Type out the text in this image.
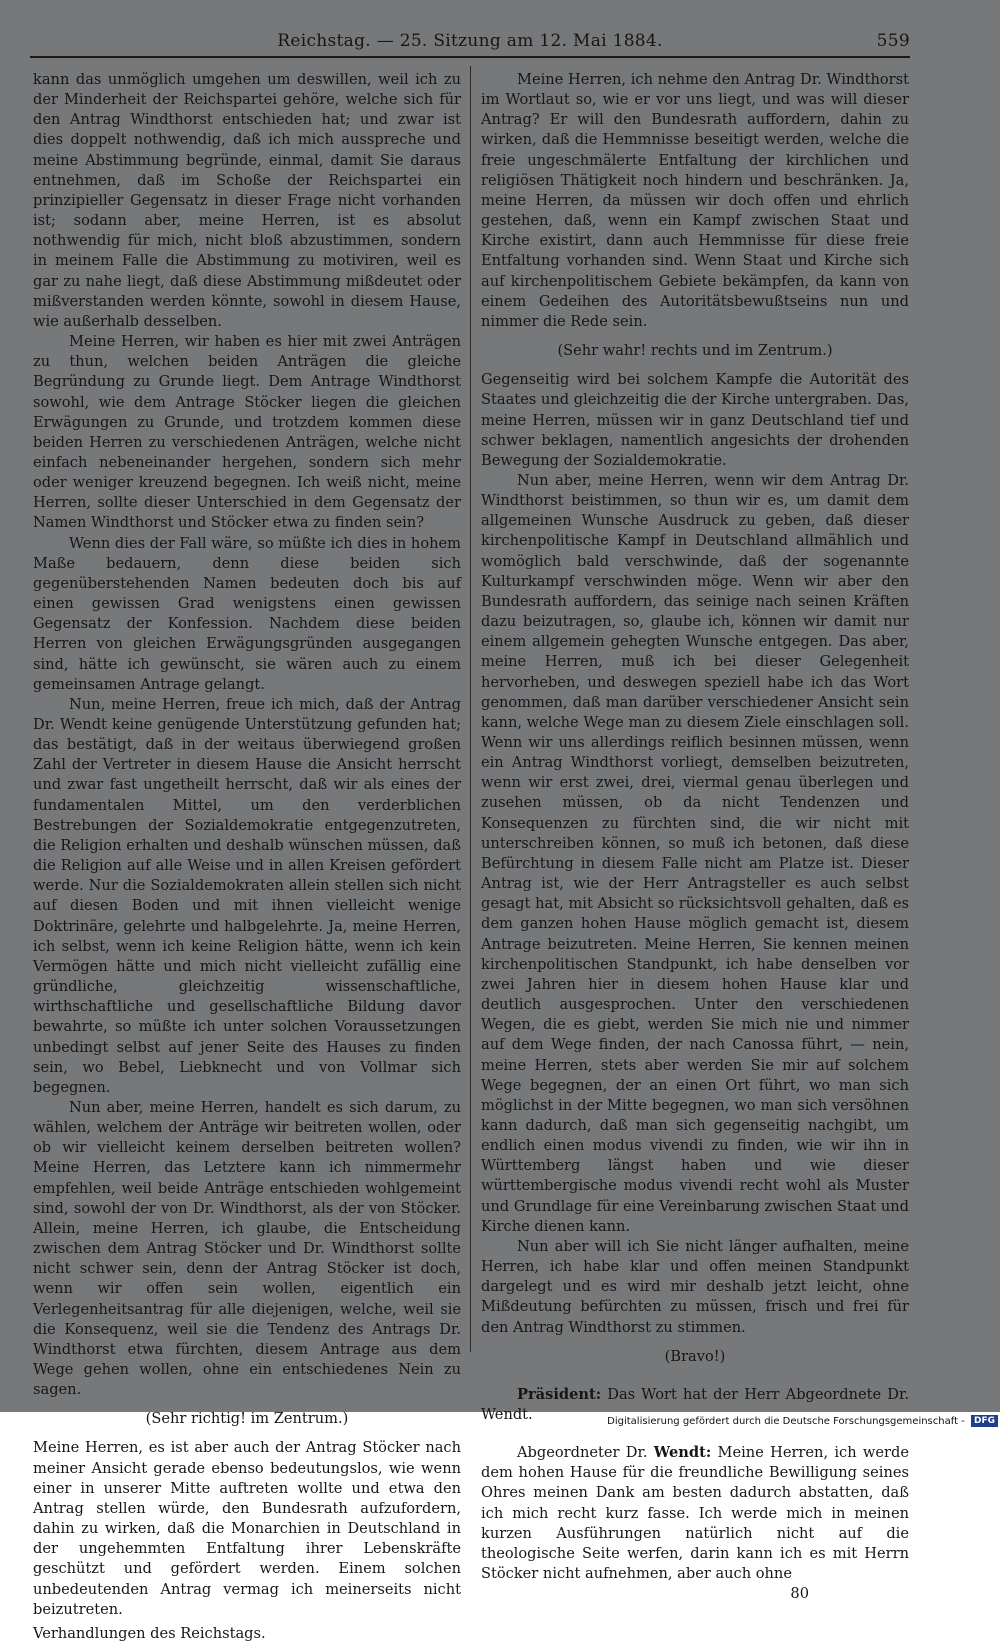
Reichstag. — 25. Sitzung am 12. Mai 1884.	559

kann das unmöglich umgehen um deswillen, weil ich zu der Minderheit der Reichspartei gehöre, welche sich für den Antrag Windthorst entschieden hat; und zwar ist dies doppelt nothwendig, daß ich mich ausspreche und meine Abstimmung begründe, einmal, damit Sie daraus entnehmen, daß im Schoße der Reichspartei ein prinzipieller Gegensatz in dieser Frage nicht vorhanden ist; sodann aber, meine Herren, ist es absolut nothwendig für mich, nicht bloß abzustimmen, sondern in meinem Falle die Abstimmung zu motiviren, weil es gar zu nahe liegt, daß diese Abstimmung mißdeutet oder mißverstanden werden könnte, sowohl in diesem Hause, wie außerhalb desselben.

Meine Herren, wir haben es hier mit zwei Anträgen zu thun, welchen beiden Anträgen die gleiche Begründung zu Grunde liegt. Dem Antrage Windthorst sowohl, wie dem Antrage Stöcker liegen die gleichen Erwägungen zu Grunde, und trotzdem kommen diese beiden Herren zu verschiedenen Anträgen, welche nicht einfach nebeneinander hergehen, sondern sich mehr oder weniger kreuzend begegnen. Ich weiß nicht, meine Herren, sollte dieser Unterschied in dem Gegensatz der Namen Windthorst und Stöcker etwa zu finden sein?

Wenn dies der Fall wäre, so müßte ich dies in hohem Maße bedauern, denn diese beiden sich gegenüberstehenden Namen bedeuten doch bis auf einen gewissen Grad wenigstens einen gewissen Gegensatz der Konfession. Nachdem diese beiden Herren von gleichen Erwägungsgründen ausgegangen sind, hätte ich gewünscht, sie wären auch zu einem gemeinsamen Antrage gelangt.

Nun, meine Herren, freue ich mich, daß der Antrag Dr. Wendt keine genügende Unterstützung gefunden hat; das bestätigt, daß in der weitaus überwiegend großen Zahl der Vertreter in diesem Hause die Ansicht herrscht und zwar fast ungetheilt herrscht, daß wir als eines der fundamentalen Mittel, um den verderblichen Bestrebungen der Sozialdemokratie entgegenzutreten, die Religion erhalten und deshalb wünschen müssen, daß die Religion auf alle Weise und in allen Kreisen gefördert werde. Nur die Sozialdemokraten allein stellen sich nicht auf diesen Boden und mit ihnen vielleicht wenige Doktrinäre, gelehrte und halbgelehrte. Ja, meine Herren, ich selbst, wenn ich keine Religion hätte, wenn ich kein Vermögen hätte und mich nicht vielleicht zufällig eine gründliche, gleichzeitig wissenschaftliche, wirthschaftliche und gesellschaftliche Bildung davor bewahrte, so müßte ich unter solchen Voraussetzungen unbedingt selbst auf jener Seite des Hauses zu finden sein, wo Bebel, Liebknecht und von Vollmar sich begegnen.

Nun aber, meine Herren, handelt es sich darum, zu wählen, welchem der Anträge wir beitreten wollen, oder ob wir vielleicht keinem derselben beitreten wollen? Meine Herren, das Letztere kann ich nimmermehr empfehlen, weil beide Anträge entschieden wohlgemeint sind, sowohl der von Dr. Windthorst, als der von Stöcker. Allein, meine Herren, ich glaube, die Entscheidung zwischen dem Antrag Stöcker und Dr. Windthorst sollte nicht schwer sein, denn der Antrag Stöcker ist doch, wenn wir offen sein wollen, eigentlich ein Verlegenheitsantrag für alle diejenigen, welche, weil sie die Konsequenz, weil sie die Tendenz des Antrags Dr. Windthorst etwa fürchten, diesem Antrage aus dem Wege gehen wollen, ohne ein entschiedenes Nein zu sagen.

(Sehr richtig! im Zentrum.)

Meine Herren, es ist aber auch der Antrag Stöcker nach meiner Ansicht gerade ebenso bedeutungslos, wie wenn einer in unserer Mitte auftreten wollte und etwa den Antrag stellen würde, den Bundesrath aufzufordern, dahin zu wirken, daß die Monarchien in Deutschland in der ungehemmten Entfaltung ihrer Lebenskräfte geschützt und gefördert werden. Einem solchen unbedeutenden Antrag vermag ich meinerseits nicht beizutreten.

Verhandlungen des Reichstags.

Meine Herren, ich nehme den Antrag Dr. Windthorst im Wortlaut so, wie er vor uns liegt, und was will dieser Antrag? Er will den Bundesrath auffordern, dahin zu wirken, daß die Hemmnisse beseitigt werden, welche die freie ungeschmälerte Entfaltung der kirchlichen und religiösen Thätigkeit noch hindern und beschränken. Ja, meine Herren, da müssen wir doch offen und ehrlich gestehen, daß, wenn ein Kampf zwischen Staat und Kirche existirt, dann auch Hemmnisse für diese freie Entfaltung vorhanden sind. Wenn Staat und Kirche sich auf kirchenpolitischem Gebiete bekämpfen, da kann von einem Gedeihen des Autoritätsbewußtseins nun und nimmer die Rede sein.

(Sehr wahr! rechts und im Zentrum.)

Gegenseitig wird bei solchem Kampfe die Autorität des Staates und gleichzeitig die der Kirche untergraben. Das, meine Herren, müssen wir in ganz Deutschland tief und schwer beklagen, namentlich angesichts der drohenden Bewegung der Sozialdemokratie.

Nun aber, meine Herren, wenn wir dem Antrag Dr. Windthorst beistimmen, so thun wir es, um damit dem allgemeinen Wunsche Ausdruck zu geben, daß dieser kirchenpolitische Kampf in Deutschland allmählich und womöglich bald verschwinde, daß der sogenannte Kulturkampf verschwinden möge. Wenn wir aber den Bundesrath auffordern, das seinige nach seinen Kräften dazu beizutragen, so, glaube ich, können wir damit nur einem allgemein gehegten Wunsche entgegen. Das aber, meine Herren, muß ich bei dieser Gelegenheit hervorheben, und deswegen speziell habe ich das Wort genommen, daß man darüber verschiedener Ansicht sein kann, welche Wege man zu diesem Ziele einschlagen soll. Wenn wir uns allerdings reiflich besinnen müssen, wenn ein Antrag Windthorst vorliegt, demselben beizutreten, wenn wir erst zwei, drei, viermal genau überlegen und zusehen müssen, ob da nicht Tendenzen und Konsequenzen zu fürchten sind, die wir nicht mit unterschreiben können, so muß ich betonen, daß diese Befürchtung in diesem Falle nicht am Platze ist. Dieser Antrag ist, wie der Herr Antragsteller es auch selbst gesagt hat, mit Absicht so rücksichtsvoll gehalten, daß es dem ganzen hohen Hause möglich gemacht ist, diesem Antrage beizutreten. Meine Herren, Sie kennen meinen kirchenpolitischen Standpunkt, ich habe denselben vor zwei Jahren hier in diesem hohen Hause klar und deutlich ausgesprochen. Unter den verschiedenen Wegen, die es giebt, werden Sie mich nie und nimmer auf dem Wege finden, der nach Canossa führt, — nein, meine Herren, stets aber werden Sie mir auf solchem Wege begegnen, der an einen Ort führt, wo man sich möglichst in der Mitte begegnen, wo man sich versöhnen kann dadurch, daß man sich gegenseitig nachgibt, um endlich einen modus vivendi zu finden, wie wir ihn in Württemberg längst haben und wie dieser württembergische modus vivendi recht wohl als Muster und Grundlage für eine Vereinbarung zwischen Staat und Kirche dienen kann.

Nun aber will ich Sie nicht länger aufhalten, meine Herren, ich habe klar und offen meinen Standpunkt dargelegt und es wird mir deshalb jetzt leicht, ohne Mißdeutung befürchten zu müssen, frisch und frei für den Antrag Windthorst zu stimmen.

(Bravo!)

Präsident: Das Wort hat der Herr Abgeordnete Dr. Wendt.

Abgeordneter Dr. Wendt: Meine Herren, ich werde dem hohen Hause für die freundliche Bewilligung seines Ohres meinen Dank am besten dadurch abstatten, daß ich mich recht kurz fasse. Ich werde mich in meinen kurzen Ausführungen natürlich nicht auf die theologische Seite werfen, darin kann ich es mit Herrn Stöcker nicht aufnehmen, aber auch ohne

80

Digitalisierung gefördert durch die Deutsche Forschungsgemeinschaft - DFG
